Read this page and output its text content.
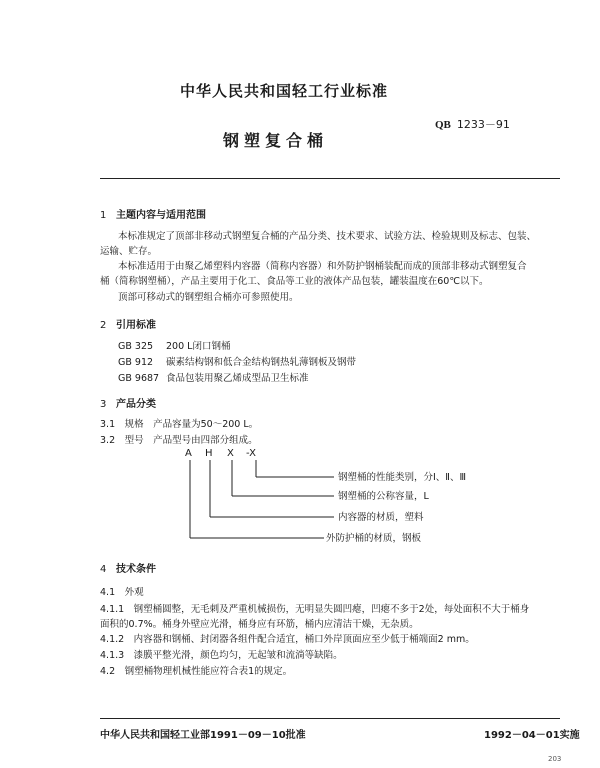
中华人民共和国轻工行业标准
QB 1233－91
钢塑复合桶
1 主题内容与适用范围
本标准规定了顶部非移动式钢塑复合桶的产品分类、技术要求、试验方法、检验规则及标志、包装、
运输、贮存。
本标准适用于由聚乙烯塑料内容器（简称内容器）和外防护钢桶装配而成的顶部非移动式钢塑复合
桶（简称钢塑桶），产品主要用于化工、食品等工业的液体产品包装，罐装温度在60℃以下。
顶部可移动式的钢塑组合桶亦可参照使用。
2 引用标准
GB 325 200 L闭口钢桶
GB 912 碳素结构钢和低合金结构钢热轧薄钢板及钢带
GB 9687 食品包装用聚乙烯成型品卫生标准
3 产品分类
3.1　规格　产品容量为50～200 L。
3.2　型号　产品型号由四部分组成。
A H X -X
钢塑桶的性能类别，分Ⅰ、Ⅱ、Ⅲ
钢塑桶的公称容量，L
内容器的材质，塑料
外防护桶的材质，钢板
4 技术条件
4.1　外观
4.1.1　钢塑桶圆整，无毛刺及严重机械损伤，无明显失圆凹瘪，凹瘪不多于2处，每处面积不大于桶身
面积的0.7%。桶身外壁应光滑，桶身应有环筋，桶内应清洁干燥，无杂质。
4.1.2　内容器和钢桶、封闭器各组件配合适宜，桶口外岸顶面应至少低于桶端面2 mm。
4.1.3　漆膜平整光滑，颜色均匀，无起皱和流淌等缺陷。
4.2　钢塑桶物理机械性能应符合表1的规定。
中华人民共和国轻工业部1991－09－10批准	1992－04－01实施
203
